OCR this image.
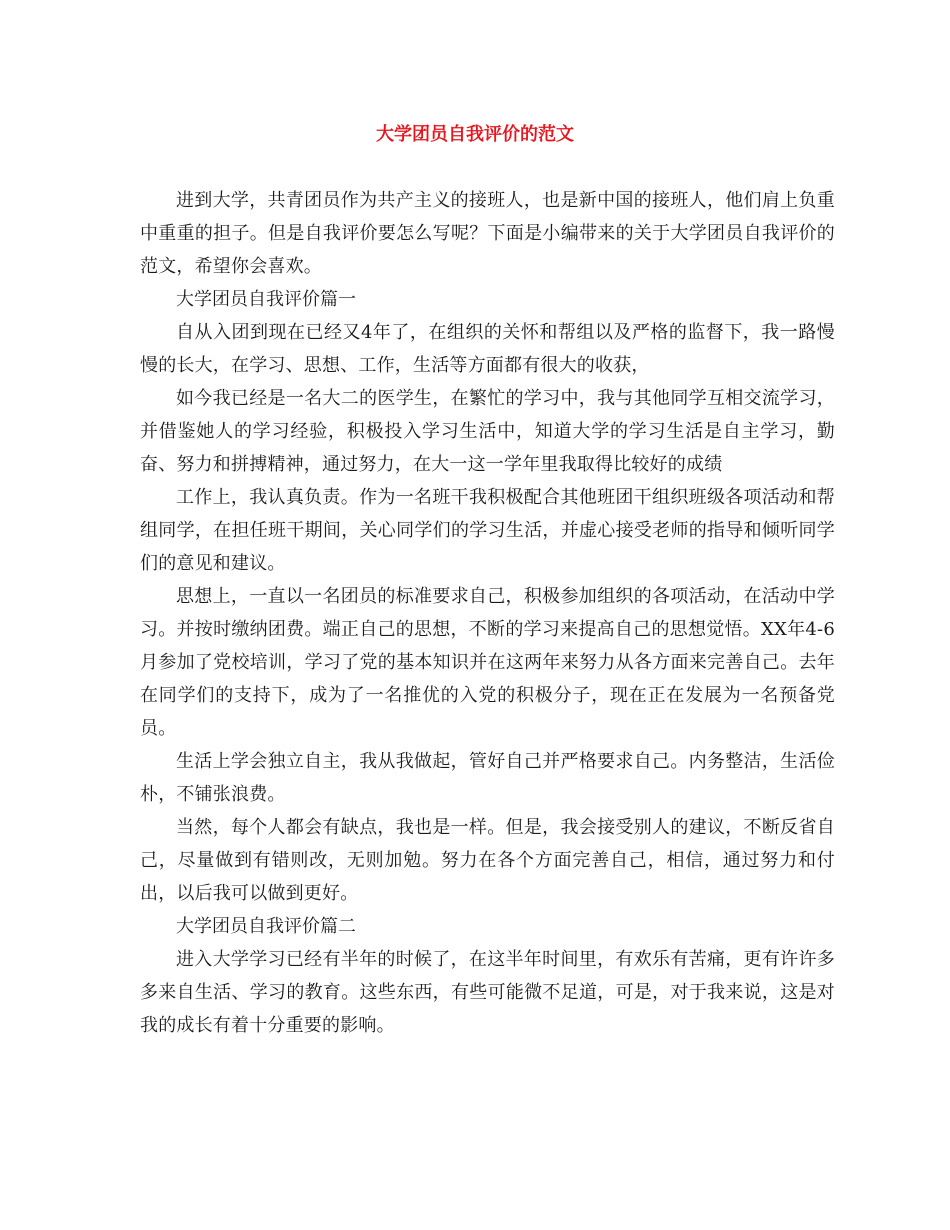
大学团员自我评价的范文

进到大学，共青团员作为共产主义的接班人，也是新中国的接班人，他们肩上负重中重重的担子。但是自我评价要怎么写呢？下面是小编带来的关于大学团员自我评价的范文，希望你会喜欢。

大学团员自我评价篇一

自从入团到现在已经又4年了，在组织的关怀和帮组以及严格的监督下，我一路慢慢的长大，在学习、思想、工作，生活等方面都有很大的收获，

如今我已经是一名大二的医学生，在繁忙的学习中，我与其他同学互相交流学习，并借鉴她人的学习经验，积极投入学习生活中，知道大学的学习生活是自主学习，勤奋、努力和拼搏精神，通过努力，在大一这一学年里我取得比较好的成绩

工作上，我认真负责。作为一名班干我积极配合其他班团干组织班级各项活动和帮组同学，在担任班干期间，关心同学们的学习生活，并虚心接受老师的指导和倾听同学们的意见和建议。

思想上，一直以一名团员的标准要求自己，积极参加组织的各项活动，在活动中学习。并按时缴纳团费。端正自己的思想，不断的学习来提高自己的思想觉悟。XX年4-6月参加了党校培训，学习了党的基本知识并在这两年来努力从各方面来完善自己。去年在同学们的支持下，成为了一名推优的入党的积极分子，现在正在发展为一名预备党员。

生活上学会独立自主，我从我做起，管好自己并严格要求自己。内务整洁，生活俭朴，不铺张浪费。

当然，每个人都会有缺点，我也是一样。但是，我会接受别人的建议，不断反省自己，尽量做到有错则改，无则加勉。努力在各个方面完善自己，相信，通过努力和付出，以后我可以做到更好。

大学团员自我评价篇二

进入大学学习已经有半年的时候了，在这半年时间里，有欢乐有苦痛，更有许许多多来自生活、学习的教育。这些东西，有些可能微不足道，可是，对于我来说，这是对我的成长有着十分重要的影响。
